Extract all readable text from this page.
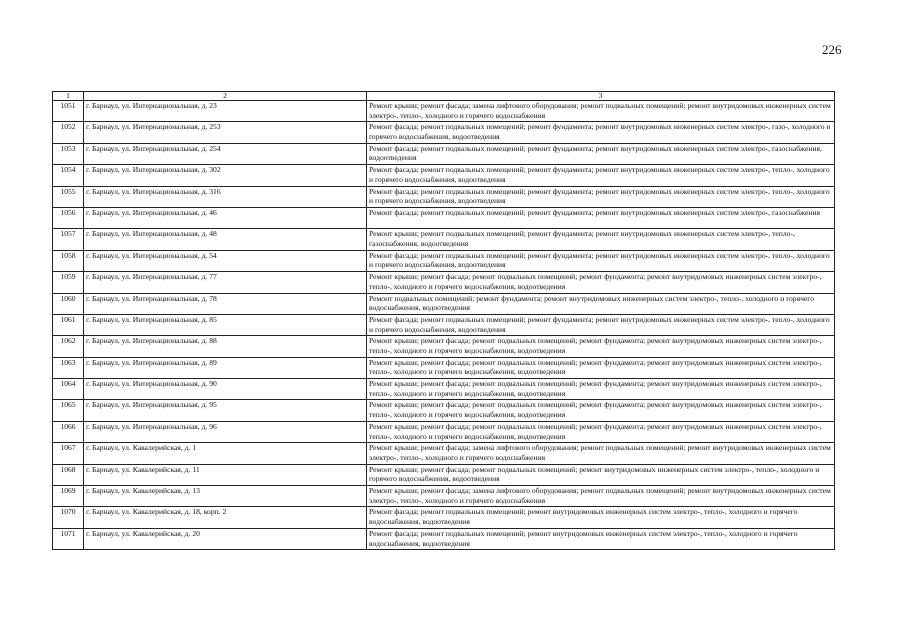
226
1	2	3
1051	г. Барнаул, ул. Интернациональная, д. 23	Ремонт крыши; ремонт фасада; замена лифтового оборудования; ремонт подвальных помещений; ремонт внутридомовых инженерных систем электро-, тепло-, холодного и горячего водоснабжения
1052	г. Барнаул, ул. Интернациональная, д. 253	Ремонт фасада; ремонт подвальных помещений; ремонт фундамента; ремонт внутридомовых инженерных систем электро-, газо-, холодного и горячего водоснабжения, водоотведения
1053	г. Барнаул, ул. Интернациональная, д. 254	Ремонт фасада; ремонт подвальных помещений; ремонт фундамента; ремонт внутридомовых инженерных систем электро-, газоснабжения, водоотведения
1054	г. Барнаул, ул. Интернациональная, д. 302	Ремонт фасада; ремонт подвальных помещений; ремонт фундамента; ремонт внутридомовых инженерных систем электро-, тепло-, холодного и горячего водоснабжения, водоотведения
1055	г. Барнаул, ул. Интернациональная, д. 316	Ремонт фасада; ремонт подвальных помещений; ремонт фундамента; ремонт внутридомовых инженерных систем электро-, тепло-, холодного и горячего водоснабжения, водоотведения
1056	г. Барнаул, ул. Интернациональная, д. 46	Ремонт фасада; ремонт подвальных помещений; ремонт фундамента; ремонт внутридомовых инженерных систем электро-, газоснабжения
1057	г. Барнаул, ул. Интернациональная, д. 48	Ремонт крыши; ремонт подвальных помещений; ремонт фундамента; ремонт внутридомовых инженерных систем электро-, тепло-, газоснабжения, водоотведения
1058	г. Барнаул, ул. Интернациональная, д. 54	Ремонт фасада; ремонт подвальных помещений; ремонт фундамента; ремонт внутридомовых инженерных систем электро-, тепло-, холодного и горячего водоснабжения, водоотведения
1059	г. Барнаул, ул. Интернациональная, д. 77	Ремонт крыши; ремонт фасада; ремонт подвальных помещений; ремонт фундамента; ремонт внутридомовых инженерных систем электро-, тепло-, холодного и горячего водоснабжения, водоотведения
1060	г. Барнаул, ул. Интернациональная, д. 78	Ремонт подвальных помещений; ремонт фундамента; ремонт внутридомовых инженерных систем электро-, тепло-, холодного и горячего водоснабжения, водоотведения
1061	г. Барнаул, ул. Интернациональная, д. 85	Ремонт фасада; ремонт подвальных помещений; ремонт фундамента; ремонт внутридомовых инженерных систем электро-, тепло-, холодного и горячего водоснабжения, водоотведения
1062	г. Барнаул, ул. Интернациональная, д. 88	Ремонт крыши; ремонт фасада; ремонт подвальных помещений; ремонт фундамента; ремонт внутридомовых инженерных систем электро-, тепло-, холодного и горячего водоснабжения, водоотведения
1063	г. Барнаул, ул. Интернациональная, д. 89	Ремонт крыши; ремонт фасада; ремонт подвальных помещений; ремонт фундамента; ремонт внутридомовых инженерных систем электро-, тепло-, холодного и горячего водоснабжения, водоотведения
1064	г. Барнаул, ул. Интернациональная, д. 90	Ремонт крыши; ремонт фасада; ремонт подвальных помещений; ремонт фундамента; ремонт внутридомовых инженерных систем электро-, тепло-, холодного и горячего водоснабжения, водоотведения
1065	г. Барнаул, ул. Интернациональная, д. 95	Ремонт крыши; ремонт фасада; ремонт подвальных помещений; ремонт фундамента; ремонт внутридомовых инженерных систем электро-, тепло-, холодного и горячего водоснабжения, водоотведения
1066	г. Барнаул, ул. Интернациональная, д. 96	Ремонт крыши; ремонт фасада; ремонт подвальных помещений; ремонт фундамента; ремонт внутридомовых инженерных систем электро-, тепло-, холодного и горячего водоснабжения, водоотведения
1067	г. Барнаул, ул. Кавалерийская, д. 1	Ремонт крыши; ремонт фасада; замена лифтового оборудования; ремонт подвальных помещений; ремонт внутридомовых инженерных систем электро-, тепло-, холодного и горячего водоснабжения
1068	г. Барнаул, ул. Кавалерийская, д. 11	Ремонт крыши; ремонт фасада; ремонт подвальных помещений; ремонт внутридомовых инженерных систем электро-, тепло-, холодного и горячего водоснабжения, водоотведения
1069	г. Барнаул, ул. Кавалерийская, д. 13	Ремонт крыши; ремонт фасада; замена лифтового оборудования; ремонт подвальных помещений; ремонт внутридомовых инженерных систем электро-, тепло-, холодного и горячего водоснабжения
1070	г. Барнаул, ул. Кавалерийская, д. 18, корп. 2	Ремонт фасада; ремонт подвальных помещений; ремонт внутридомовых инженерных систем электро-, тепло-, холодного и горячего водоснабжения, водоотведения
1071	г. Барнаул, ул. Кавалерийская, д. 20	Ремонт фасада; ремонт подвальных помещений; ремонт внутридомовых инженерных систем электро-, тепло-, холодного и горячего водоснабжения, водоотведения
